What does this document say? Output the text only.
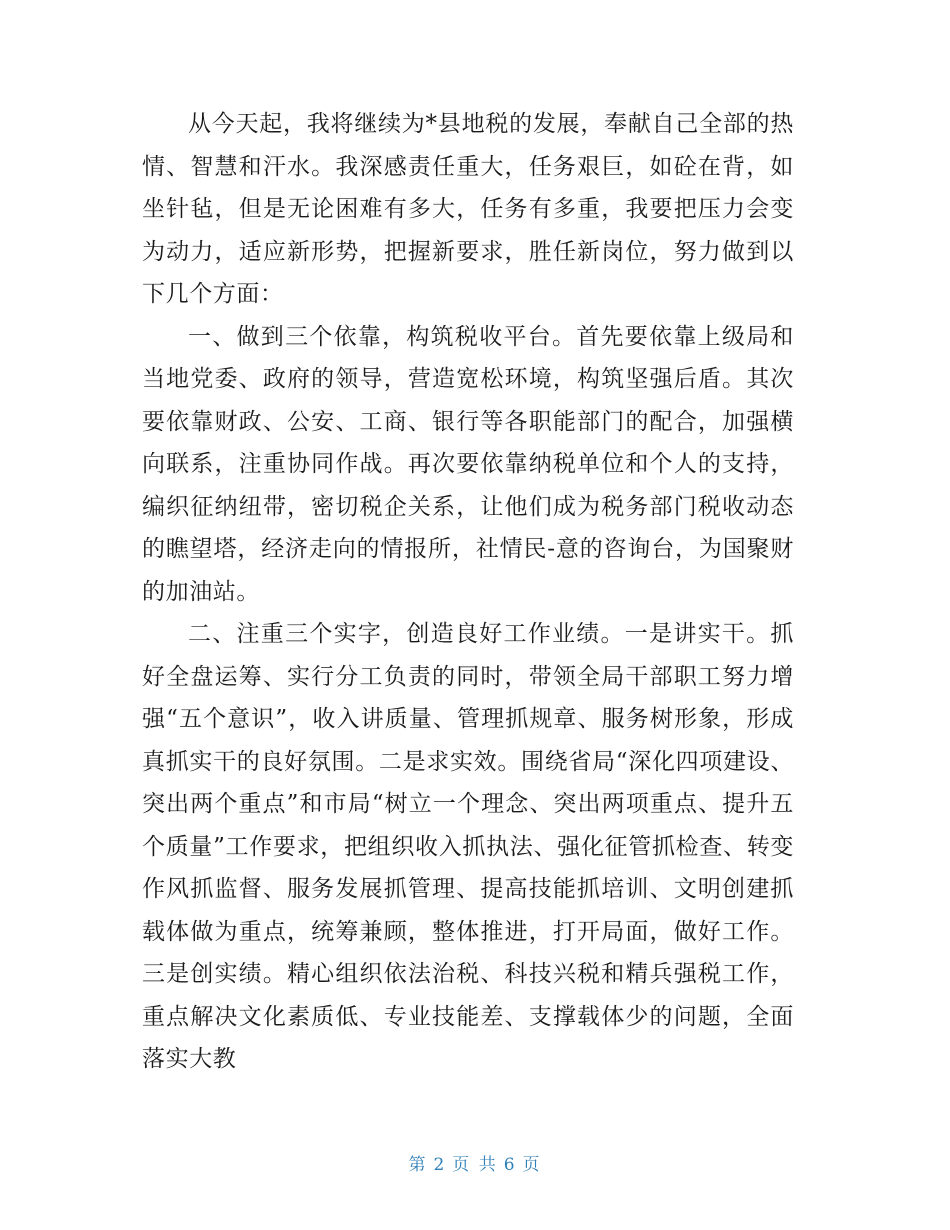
从今天起，我将继续为*县地税的发展，奉献自己全部的热情、智慧和汗水。我深感责任重大，任务艰巨，如砼在背，如坐针毡，但是无论困难有多大，任务有多重，我要把压力会变为动力，适应新形势，把握新要求，胜任新岗位，努力做到以下几个方面：

一、做到三个依靠，构筑税收平台。首先要依靠上级局和当地党委、政府的领导，营造宽松环境，构筑坚强后盾。其次要依靠财政、公安、工商、银行等各职能部门的配合，加强横向联系，注重协同作战。再次要依靠纳税单位和个人的支持，编织征纳纽带，密切税企关系，让他们成为税务部门税收动态的瞧望塔，经济走向的情报所，社情民-意的咨询台，为国聚财的加油站。

二、注重三个实字，创造良好工作业绩。一是讲实干。抓好全盘运筹、实行分工负责的同时，带领全局干部职工努力增强“五个意识”，收入讲质量、管理抓规章、服务树形象，形成真抓实干的良好氛围。二是求实效。围绕省局“深化四项建设、突出两个重点”和市局“树立一个理念、突出两项重点、提升五个质量”工作要求，把组织收入抓执法、强化征管抓检查、转变作风抓监督、服务发展抓管理、提高技能抓培训、文明创建抓载体做为重点，统筹兼顾，整体推进，打开局面，做好工作。三是创实绩。精心组织依法治税、科技兴税和精兵强税工作，重点解决文化素质低、专业技能差、支撑载体少的问题，全面落实大教

第 2 页 共 6 页
